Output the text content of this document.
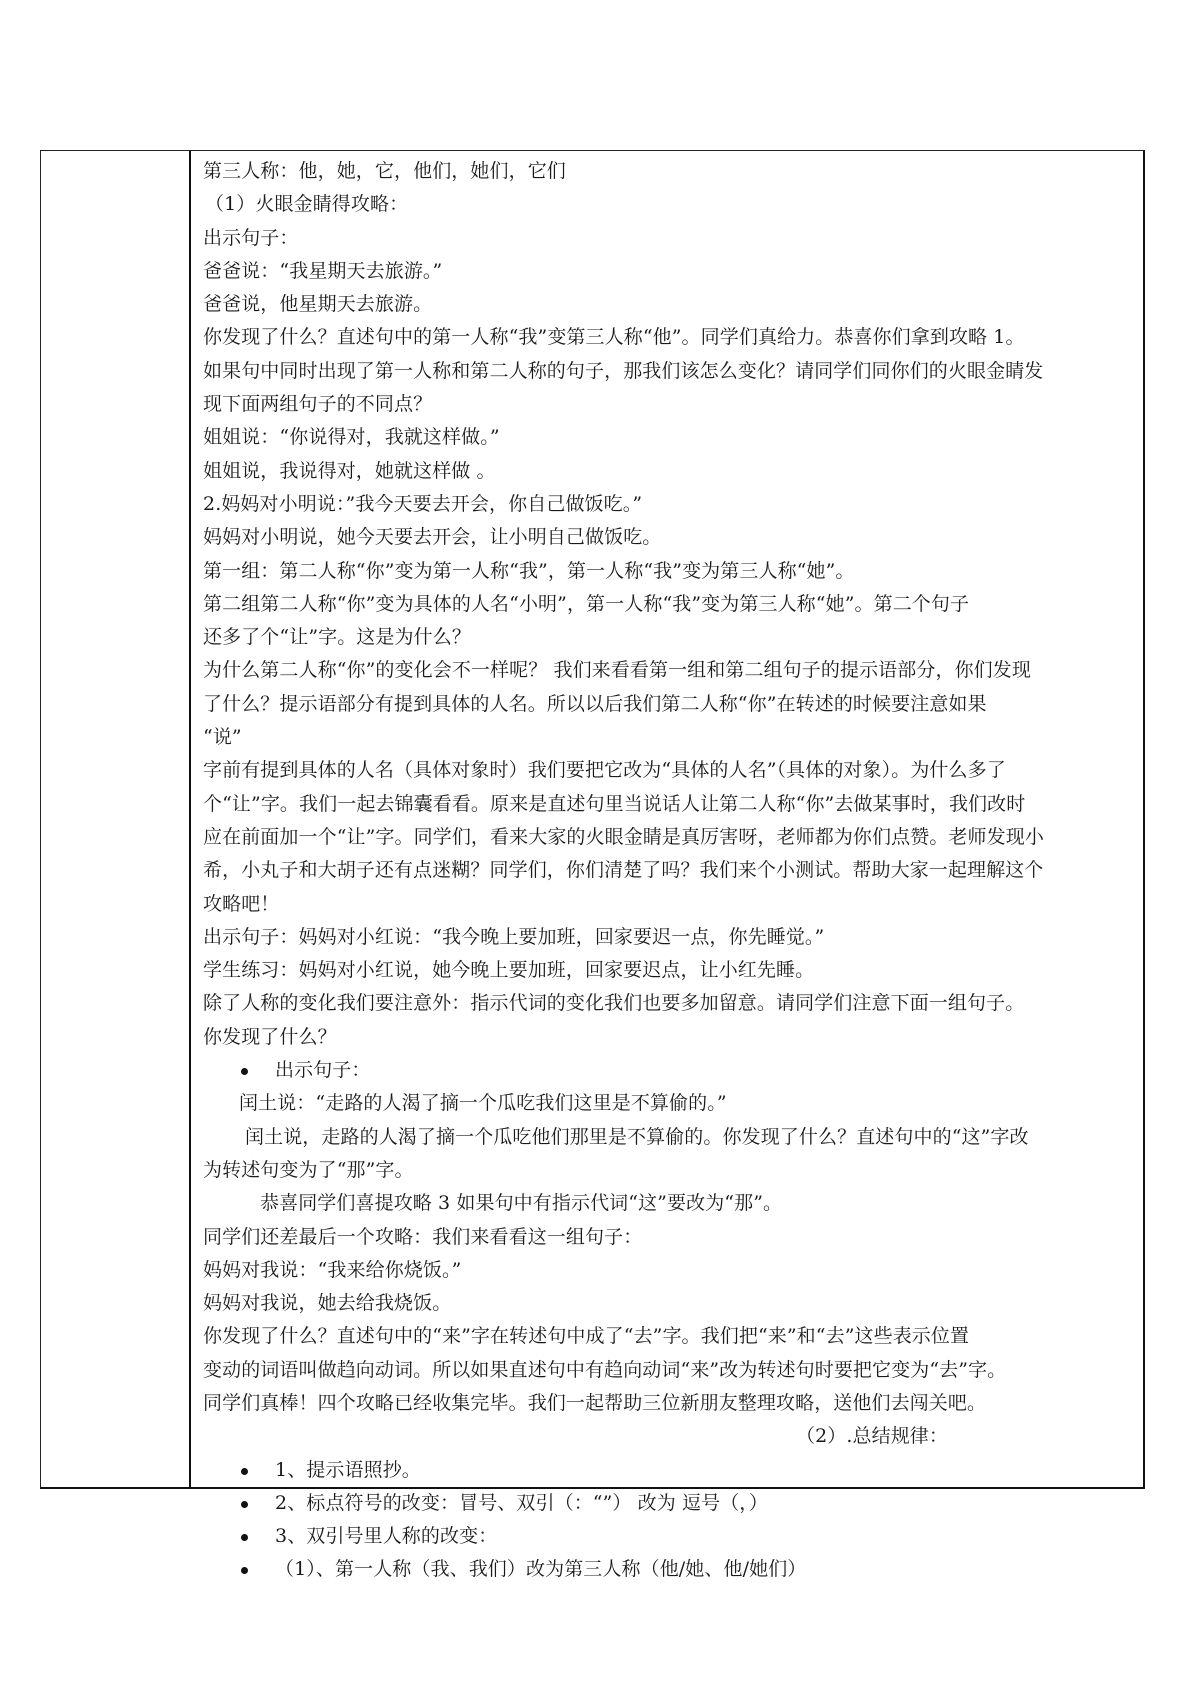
第三人称：他，她，它，他们，她们，它们
（1）火眼金睛得攻略：
出示句子：
爸爸说：“我星期天去旅游。”
爸爸说，他星期天去旅游。
你发现了什么？直述句中的第一人称“我”变第三人称“他”。同学们真给力。恭喜你们拿到攻略 1。
如果句中同时出现了第一人称和第二人称的句子，那我们该怎么变化？请同学们同你们的火眼金睛发
现下面两组句子的不同点？
姐姐说：“你说得对，我就这样做。”
姐姐说，我说得对，她就这样做 。
2.妈妈对小明说：”我今天要去开会，你自己做饭吃。”
妈妈对小明说，她今天要去开会，让小明自己做饭吃。
第一组：第二人称“你”变为第一人称“我”，第一人称“我”变为第三人称“她”。
第二组第二人称“你”变为具体的人名“小明”，第一人称“我”变为第三人称“她”。第二个句子
还多了个“让”字。这是为什么？
为什么第二人称“你”的变化会不一样呢？ 我们来看看第一组和第二组句子的提示语部分，你们发现
了什么？提示语部分有提到具体的人名。所以以后我们第二人称“你”在转述的时候要注意如果
“说”
字前有提到具体的人名（具体对象时）我们要把它改为“具体的人名”（具体的对象）。为什么多了
个“让”字。我们一起去锦囊看看。原来是直述句里当说话人让第二人称“你”去做某事时，我们改时
应在前面加一个“让”字。同学们，看来大家的火眼金睛是真厉害呀，老师都为你们点赞。老师发现小
希，小丸子和大胡子还有点迷糊？同学们，你们清楚了吗？我们来个小测试。帮助大家一起理解这个
攻略吧！
出示句子：妈妈对小红说：“我今晚上要加班，回家要迟一点，你先睡觉。”
学生练习：妈妈对小红说，她今晚上要加班，回家要迟点，让小红先睡。
除了人称的变化我们要注意外：指示代词的变化我们也要多加留意。请同学们注意下面一组句子。
你发现了什么？
出示句子：
闰土说：“走路的人渴了摘一个瓜吃我们这里是不算偷的。”
闰土说，走路的人渴了摘一个瓜吃他们那里是不算偷的。你发现了什么？直述句中的“这”字改
为转述句变为了“那”字。
恭喜同学们喜提攻略 3 如果句中有指示代词“这”要改为“那”。
同学们还差最后一个攻略：我们来看看这一组句子：
妈妈对我说：“我来给你烧饭。”
妈妈对我说，她去给我烧饭。
你发现了什么？直述句中的“来”字在转述句中成了“去”字。我们把“来”和“去”这些表示位置
变动的词语叫做趋向动词。所以如果直述句中有趋向动词“来”改为转述句时要把它变为“去”字。
同学们真棒！四个攻略已经收集完毕。我们一起帮助三位新朋友整理攻略，送他们去闯关吧。
（2）.总结规律：
1、提示语照抄。
2、标点符号的改变：冒号、双引（：“”） 改为 逗号（，）
3、双引号里人称的改变：
（1）、第一人称（我、我们）改为第三人称（他/她、他/她们）
